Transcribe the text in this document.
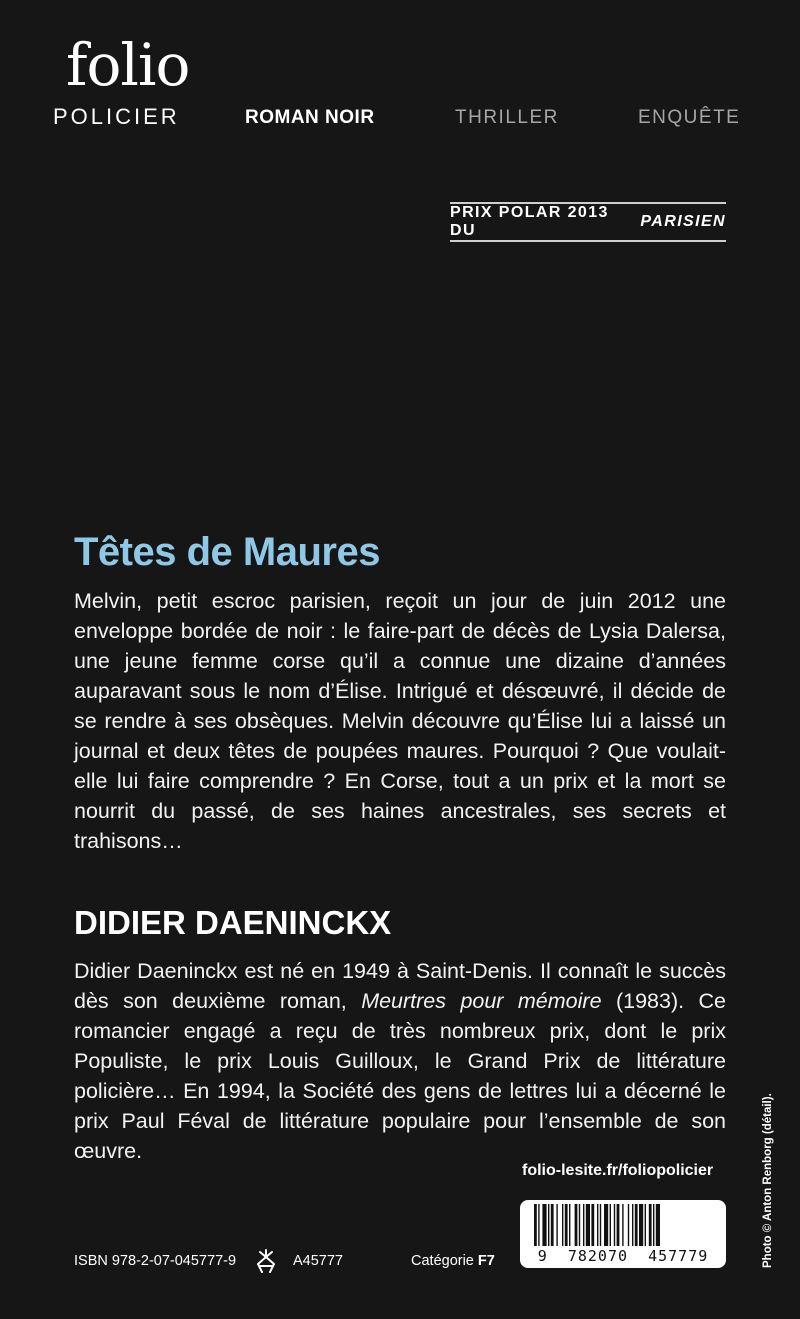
folio
POLICIER	ROMAN NOIR	THRILLER	ENQUÊTE
PRIX POLAR 2013 DU
PARISIEN
Têtes de Maures

Melvin, petit escroc parisien, reçoit un jour de juin 2012 une enveloppe bordée de noir : le faire-part de décès de Lysia Dalersa, une jeune femme corse qu’il a connue une dizaine d’années auparavant sous le nom d’Élise. Intrigué et désœuvré, il décide de se rendre à ses obsèques. Melvin découvre qu’Élise lui a laissé un journal et deux têtes de poupées maures. Pourquoi ? Que voulait-elle lui faire comprendre ? En Corse, tout a un prix et la mort se nourrit du passé, de ses haines ancestrales, ses secrets et trahisons…

DIDIER DAENINCKX

Didier Daeninckx est né en 1949 à Saint-Denis. Il connaît le succès dès son deuxième roman, Meurtres pour mémoire (1983). Ce romancier engagé a reçu de très nombreux prix, dont le prix Populiste, le prix Louis Guilloux, le Grand Prix de littérature policière… En 1994, la Société des gens de lettres lui a décerné le prix Paul Féval de littérature populaire pour l’ensemble de son œuvre.

folio-lesite.fr/foliopolicier
ISBN 978-2-07-045777-9	A45777	Catégorie F7	9  782070  457779	Photo © Anton Renborg (détail).
